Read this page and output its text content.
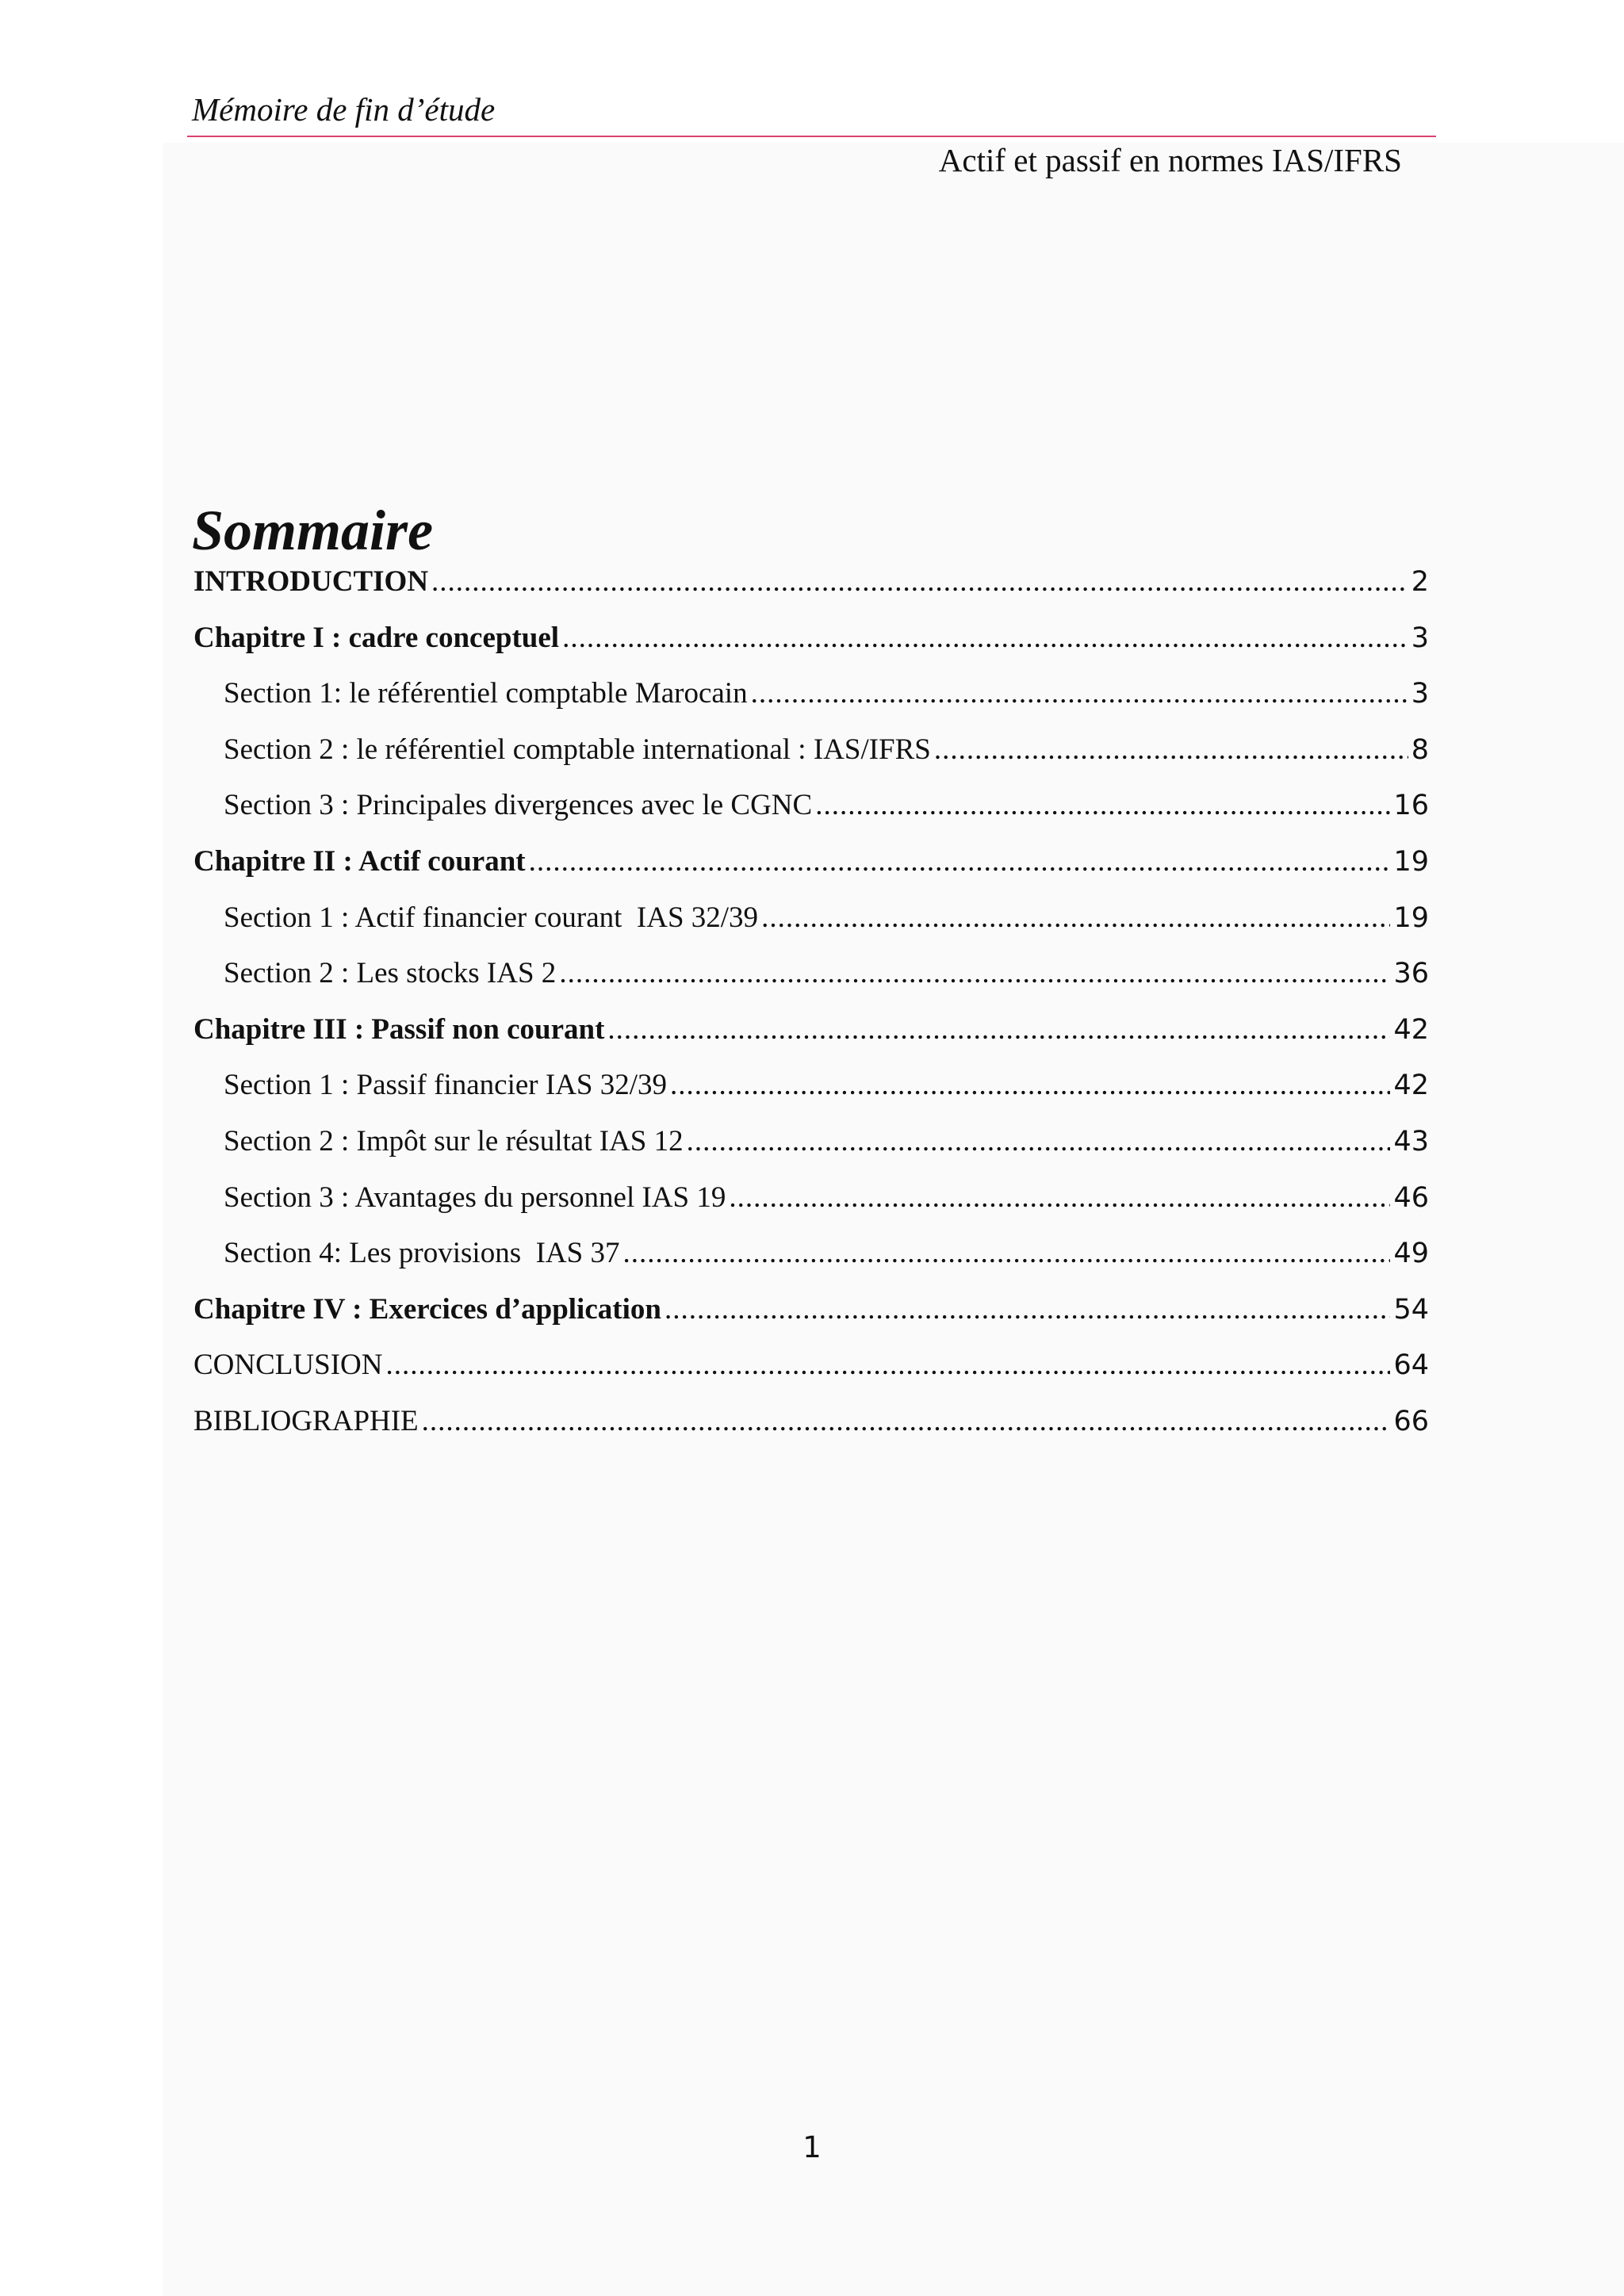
Mémoire de fin d’étude
Actif et passif en normes IAS/IFRS
Sommaire
INTRODUCTION .....	2
Chapitre I : cadre conceptuel .....	3
Section 1: le référentiel comptable Marocain .....	3
Section 2 : le référentiel comptable international : IAS/IFRS .....	8
Section 3 : Principales divergences avec le CGNC .....	16
Chapitre II : Actif courant .....	19
Section 1 : Actif financier courant  IAS 32/39 .....	19
Section 2 : Les stocks IAS 2 .....	36
Chapitre III : Passif non courant .....	42
Section 1 : Passif financier IAS 32/39 .....	42
Section 2 : Impôt sur le résultat IAS 12 .....	43
Section 3 : Avantages du personnel IAS 19 .....	46
Section 4: Les provisions  IAS 37 .....	49
Chapitre IV : Exercices d’application .....	54
CONCLUSION .....	64
BIBLIOGRAPHIE .....	66
1
